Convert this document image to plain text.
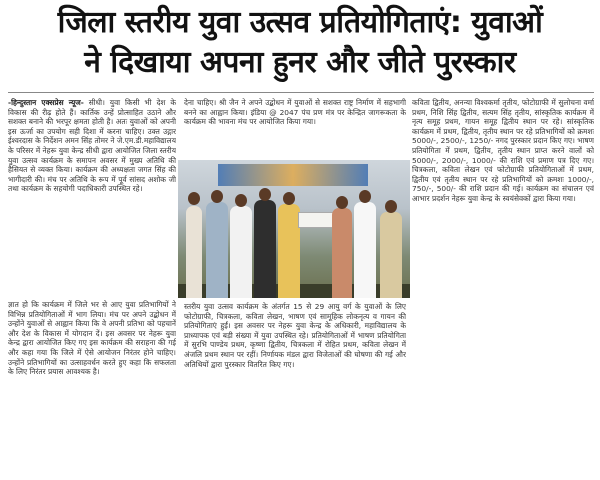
जिला स्तरीय युवा उत्सव प्रतियोगिताएं: युवाओं
ने दिखाया अपना हुनर और जीते पुरस्कार
-हिन्दुस्तान एक्सप्रेस न्यूज- सीधी। युवा किसी भी देश के विकास की रीढ़ होते हैं। कार्तिक उन्हें प्रोत्साहित उठाने और सशक्त बनाने की भरपूर क्षमता होती है। अतः युवाओं को अपनी इस ऊर्जा का उपयोग सही दिशा में करना चाहिए। उक्त उद्गार ईश्वरदास के निर्देशन अमन सिंह तोमर ने जे.एम.डी.महाविद्यालय के परिसर में नेहरू युवा केन्द्र सीधी द्वारा आयोजित जिला स्तरीय युवा उत्सव कार्यक्रम के समापन अवसर में मुख्य अतिथि की हैसियत से व्यक्त किया। कार्यक्रम की अध्यक्षता जगत सिंह की भागीदारी की। मंच पर अतिथि के रूप में पूर्व सांसद अशोक जी तथा कार्यक्रम के सहयोगी पदाधिकारी उपस्थित रहे।
ज्ञात हो कि कार्यक्रम में जिले भर से आए युवा प्रतिभागियों ने विभिन्न प्रतियोगिताओं में भाग लिया। मंच पर अपने उद्बोधन में उन्होंने युवाओं से आह्वान किया कि वे अपनी प्रतिभा को पहचानें और देश के विकास में योगदान दें। इस अवसर पर नेहरू युवा केन्द्र द्वारा आयोजित किए गए इस कार्यक्रम की सराहना की गई और कहा गया कि जिले में ऐसे आयोजन निरंतर होने चाहिए। उन्होंने प्रतिभागियों का उत्साहवर्धन करते हुए कहा कि सफलता के लिए निरंतर प्रयास आवश्यक है।
देना चाहिए। श्री जैन ने अपने उद्बोधन में युवाओं से सशक्त राष्ट्र निर्माण में सहभागी बनने का आह्वान किया। इंडिया @ 2047 पंच प्रण मंत्र पर केन्द्रित जागरूकता के कार्यक्रम की भावना मंच पर आयोजित किया गया।
स्तरीय युवा उत्सव कार्यक्रम के अंतर्गत 15 से 29 आयु वर्ग के युवाओं के लिए फोटोग्राफी, चित्रकला, कविता लेखन, भाषण एवं सामूहिक लोकनृत्य व गायन की प्रतियोगिताएं हुईं। इस अवसर पर नेहरू युवा केन्द्र के अधिकारी, महाविद्यालय के प्राध्यापक एवं बड़ी संख्या में युवा उपस्थित रहे। प्रतियोगिताओं में भाषण प्रतियोगिता में सुरभि पाण्डेय प्रथम, कृष्णा द्वितीय, चित्रकला में रोहित प्रथम, कविता लेखन में अंजलि प्रथम स्थान पर रहीं। निर्णायक मंडल द्वारा विजेताओं की घोषणा की गई और अतिथियों द्वारा पुरस्कार वितरित किए गए।
कविता द्वितीय, अनन्या विश्वकर्मा तृतीय, फोटोग्राफी में सुलोचना वर्मा प्रथम, निशि सिंह द्वितीय, सत्यम सिंह तृतीय, सांस्कृतिक कार्यक्रम में नृत्य समूह प्रथम, गायन समूह द्वितीय स्थान पर रहे। सांस्कृतिक कार्यक्रम में प्रथम, द्वितीय, तृतीय स्थान पर रहे प्रतिभागियों को क्रमशः 5000/-, 2500/-, 1250/- नगद पुरस्कार प्रदान किए गए। भाषण प्रतियोगिता में प्रथम, द्वितीय, तृतीय स्थान प्राप्त करने वालों को 5000/-, 2000/-, 1000/- की राशि एवं प्रमाण पत्र दिए गए। चित्रकला, कविता लेखन एवं फोटोग्राफी प्रतियोगिताओं में प्रथम, द्वितीय एवं तृतीय स्थान पर रहे प्रतिभागियों को क्रमशः 1000/-, 750/-, 500/- की राशि प्रदान की गई। कार्यक्रम का संचालन एवं आभार प्रदर्शन नेहरू युवा केन्द्र के स्वयंसेवकों द्वारा किया गया।
